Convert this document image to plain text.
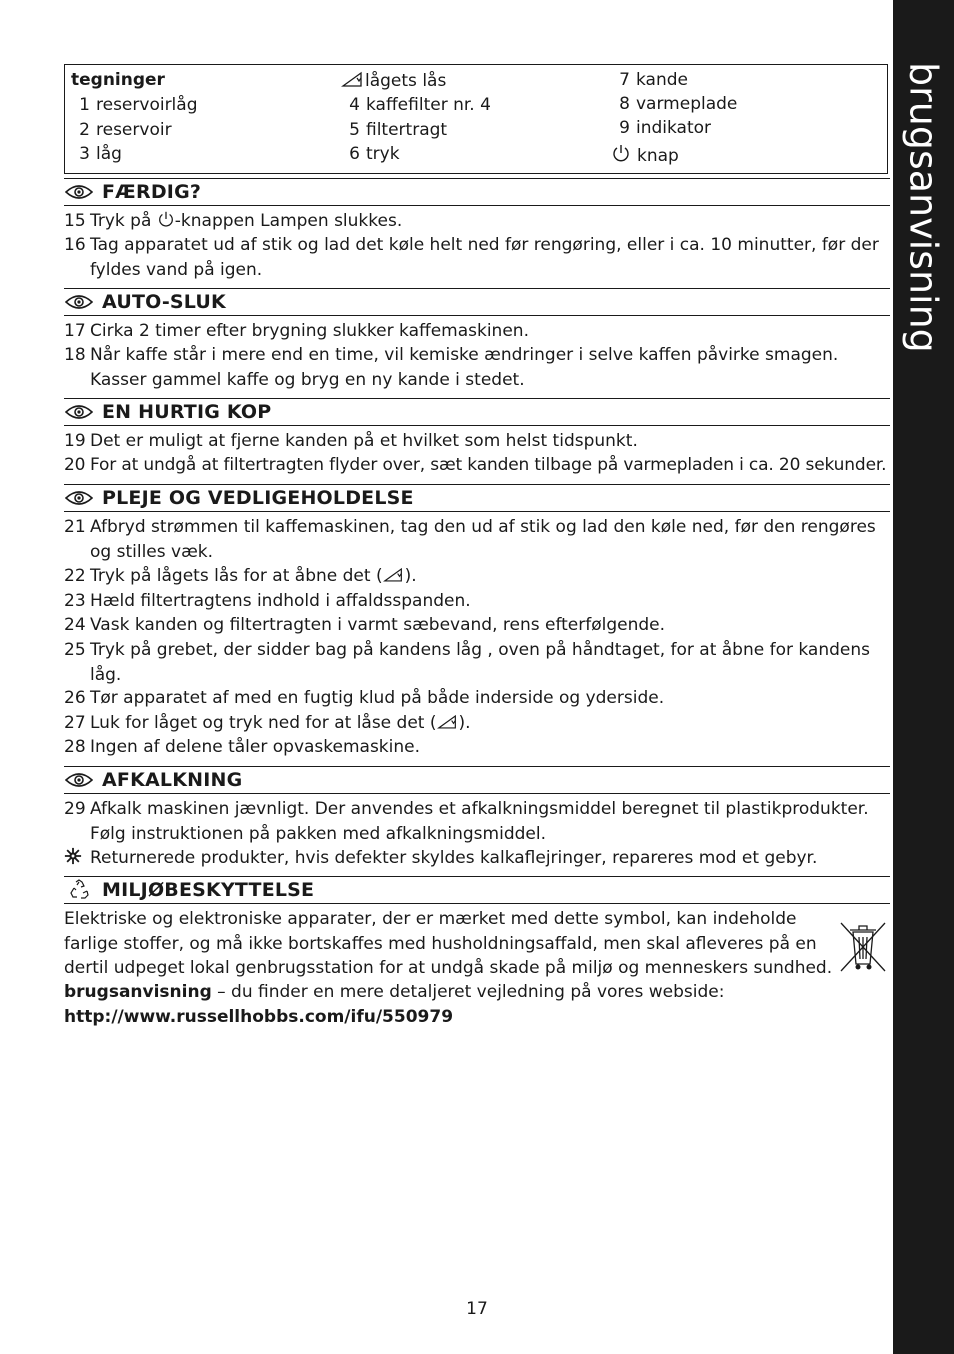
brugsanvisning
tegninger
1 reservoirlåg
2 reservoir
3 låg
lågets lås
4 kaffefilter nr. 4
5 filtertragt
6 tryk
7 kande
8 varmeplade
9 indikator
knap
FÆRDIG?
15 Tryk på -knappen Lampen slukkes.
16 Tag apparatet ud af stik og lad det køle helt ned før rengøring, eller i ca. 10 minutter, før der fyldes vand på igen.
AUTO-SLUK
17 Cirka 2 timer efter brygning slukker kaffemaskinen.
18 Når kaffe står i mere end en time, vil kemiske ændringer i selve kaffen påvirke smagen. Kasser gammel kaffe og bryg en ny kande i stedet.
EN HURTIG KOP
19 Det er muligt at fjerne kanden på et hvilket som helst tidspunkt.
20 For at undgå at filtertragten flyder over, sæt kanden tilbage på varmepladen i ca. 20 sekunder.
PLEJE OG VEDLIGEHOLDELSE
21 Afbryd strømmen til kaffemaskinen, tag den ud af stik og lad den køle ned, før den rengøres og stilles væk.
22 Tryk på lågets lås for at åbne det ( ).
23 Hæld filtertragtens indhold i affaldsspanden.
24 Vask kanden og filtertragten i varmt sæbevand, rens efterfølgende.
25 Tryk på grebet, der sidder bag på kandens låg , oven på håndtaget, for at åbne for kandens låg.
26 Tør apparatet af med en fugtig klud på både inderside og yderside.
27 Luk for låget og tryk ned for at låse det ( ).
28 Ingen af delene tåler opvaskemaskine.
AFKALKNING
29 Afkalk maskinen jævnligt. Der anvendes et afkalkningsmiddel beregnet til plastikprodukter. Følg instruktionen på pakken med afkalkningsmiddel.
Returnerede produkter, hvis defekter skyldes kalkaflejringer, repareres mod et gebyr.
MILJØBESKYTTELSE
Elektriske og elektroniske apparater, der er mærket med dette symbol, kan indeholde farlige stoffer, og må ikke bortskaffes med husholdningsaffald, men skal afleveres på en dertil udpeget lokal genbrugsstation for at undgå skade på miljø og menneskers sundhed.
brugsanvisning – du finder en mere detaljeret vejledning på vores webside:
http://www.russellhobbs.com/ifu/550979
17
